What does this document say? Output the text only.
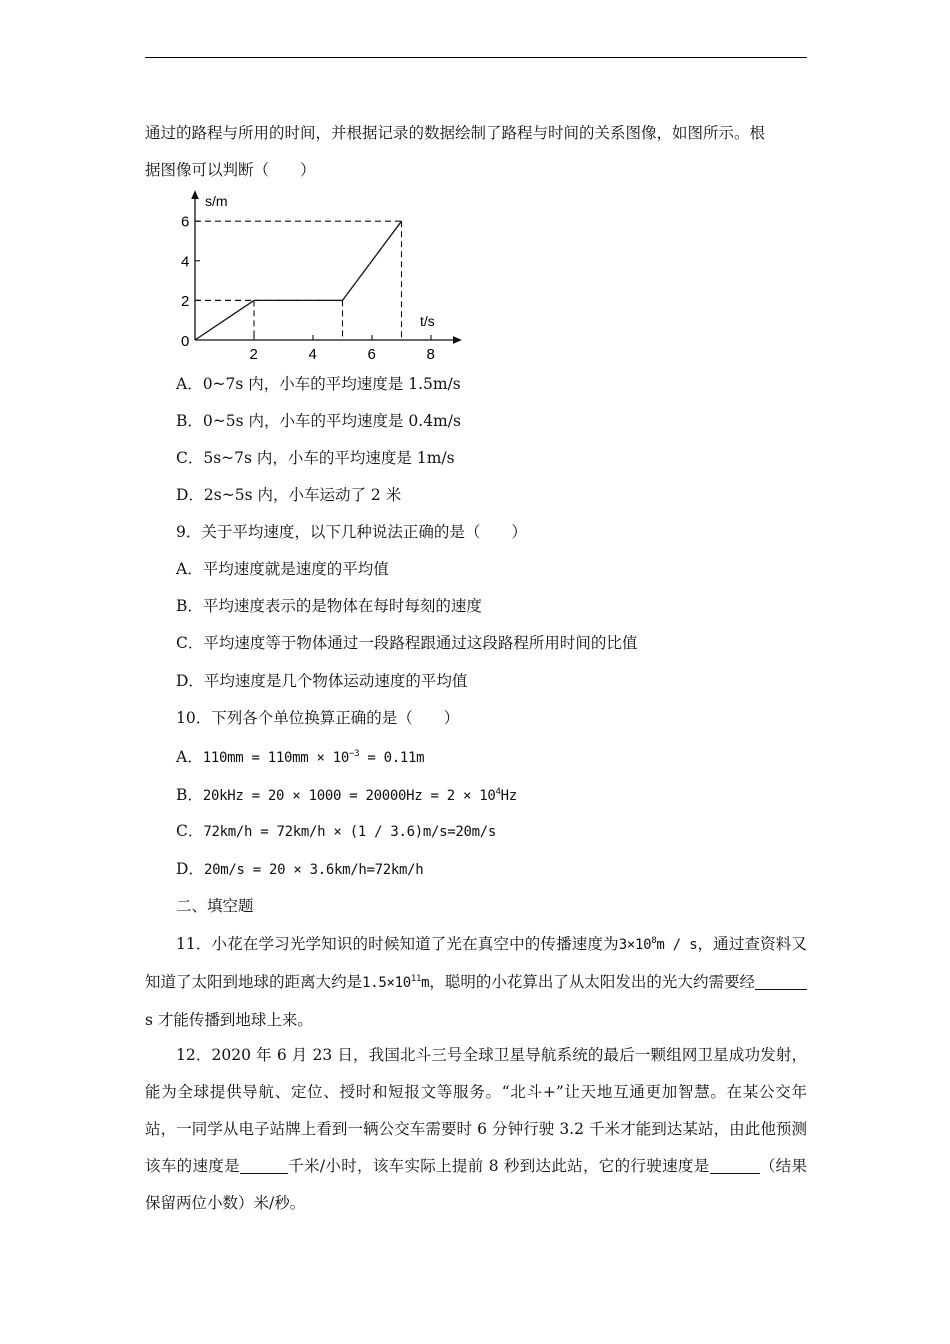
通过的路程与所用的时间，并根据记录的数据绘制了路程与时间的关系图像，如图所示。根
据图像可以判断（　　）
2	4	6	8
2
4
6
s/m
t/s
0
A．0~7s 内，小车的平均速度是 1.5m/s
B．0~5s 内，小车的平均速度是 0.4m/s
C．5s~7s 内，小车的平均速度是 1m/s
D．2s~5s 内，小车运动了 2 米
9．关于平均速度，以下几种说法正确的是（　　）
A．平均速度就是速度的平均值
B．平均速度表示的是物体在每时每刻的速度
C．平均速度等于物体通过一段路程跟通过这段路程所用时间的比值
D．平均速度是几个物体运动速度的平均值
10．下列各个单位换算正确的是（　　）
A．$110mm = 110mm \times 10^{-3} = 0.11m$
B．$20kHz = 20 \times 1000 = 20000Hz = 2 \times 10^4Hz$
C．72km/h = 72km/h × (1 / 3.6)m/s=20m/s
D．20m/s = 20 × 3.6km/h=72km/h
二、填空题
11．小花在学习光学知识的时候知道了光在真空中的传播速度为$3\times 10^8m / s$，通过查资料又知道了太阳到地球的距离大约是$1.5\times 10^{11}m$，聪明的小花算出了从太阳发出的光大约需要经s 才能传播到地球上来。
12．2020 年 6 月 23 日，我国北斗三号全球卫星导航系统的最后一颗组网卫星成功发射，能为全球提供导航、定位、授时和短报文等服务。“北斗+”让天地互通更加智慧。在某公交年站，一同学从电子站牌上看到一辆公交车需要时 6 分钟行驶 3.2 千米才能到达某站，由此他预测该车的速度是	千米/小时，该车实际上提前 8 秒到达此站，它的行驶速度是	（结果保留两位小数）米/秒。
